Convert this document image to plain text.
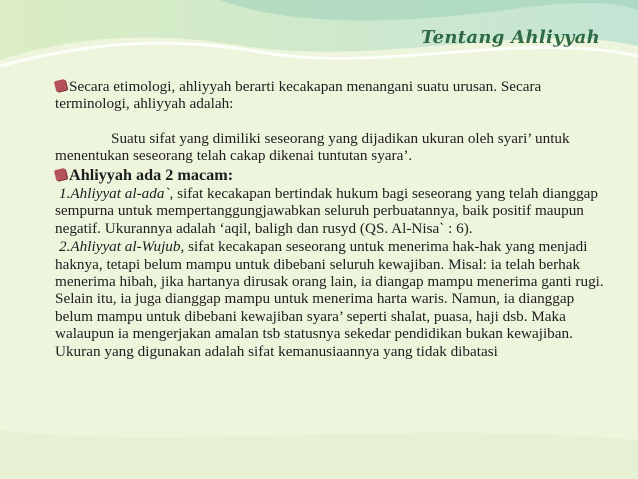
Tentang Ahliyyah

Secara etimologi, ahliyyah berarti kecakapan menangani suatu urusan. Secara terminologi, ahliyyah adalah:

Suatu sifat yang dimiliki seseorang yang dijadikan ukuran oleh syari’ untuk menentukan seseorang telah cakap dikenai tuntutan syara’.

Ahliyyah ada 2 macam:

1.Ahliyyat al-ada`, sifat kecakapan bertindak hukum bagi seseorang yang telah dianggap sempurna untuk mempertanggungjawabkan seluruh perbuatannya, baik positif maupun negatif. Ukurannya adalah ‘aqil, baligh dan rusyd (QS. Al-Nisa` : 6).

2.Ahliyyat al-Wujub, sifat kecakapan seseorang untuk menerima hak-hak yang menjadi haknya, tetapi belum mampu untuk dibebani seluruh kewajiban. Misal: ia telah berhak menerima hibah, jika hartanya dirusak orang lain, ia diangap mampu menerima ganti rugi. Selain itu, ia juga dianggap mampu untuk menerima harta waris. Namun, ia dianggap belum mampu untuk dibebani kewajiban syara’ seperti shalat, puasa, haji dsb. Maka walaupun ia mengerjakan amalan tsb statusnya sekedar pendidikan bukan kewajiban. Ukuran yang digunakan adalah sifat kemanusiaannya yang tidak dibatasi
